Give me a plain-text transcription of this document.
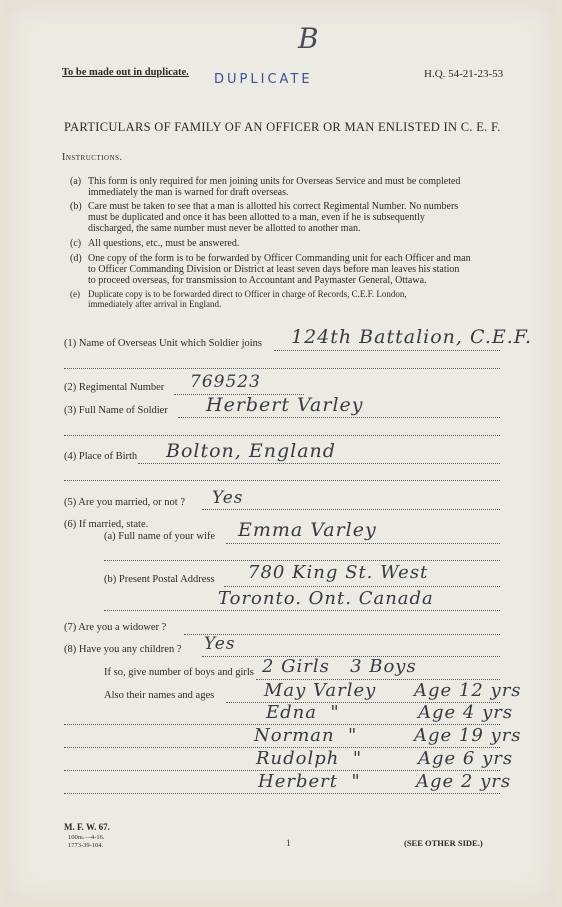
B
To be made out in duplicate. DUPLICATE	H.Q. 54-21-23-53
PARTICULARS OF FAMILY OF AN OFFICER OR MAN ENLISTED IN C. E. F.
Instructions.
(a) This form is only required for men joining units for Overseas Service and must be completed
immediately the man is warned for draft overseas.
(b) Care must be taken to see that a man is allotted his correct Regimental Number. No numbers
must be duplicated and once it has been allotted to a man, even if he is subsequently
discharged, the same number must never be allotted to another man.
(c) All questions, etc., must be answered.
(d) One copy of the form is to be forwarded by Officer Commanding unit for each Officer and man
to Officer Commanding Division or District at least seven days before man leaves his station
to proceed overseas, for transmission to Accountant and Paymaster General, Ottawa.
(e) Duplicate copy is to be forwarded direct to Officer in charge of Records, C.E.F. London,
immediately after arrival in England.
(1) Name of Overseas Unit which Soldier joins 124th Battalion, C.E.F.
(2) Regimental Number 769523
(3) Full Name of Soldier Herbert Varley
(4) Place of Birth Bolton, England
(5) Are you married, or not ? Yes
(6) If married, state.
(a) Full name of your wife Emma Varley
(b) Present Postal Address 780 King St. West
Toronto. Ont. Canada
(7) Are you a widower ?
(8) Have you any children ? Yes
If so, give number of boys and girls 2 Girls   3 Boys
Also their names and ages	May Varley Age 12 yrs
Edna  "	Age 4 yrs
Norman  "	Age 19 yrs
Rudolph  "	Age 6 yrs
Herbert  "	Age 2 yrs
M. F. W. 67.
100m.—4-16.
1773-39-104.	1	(SEE OTHER SIDE.)
